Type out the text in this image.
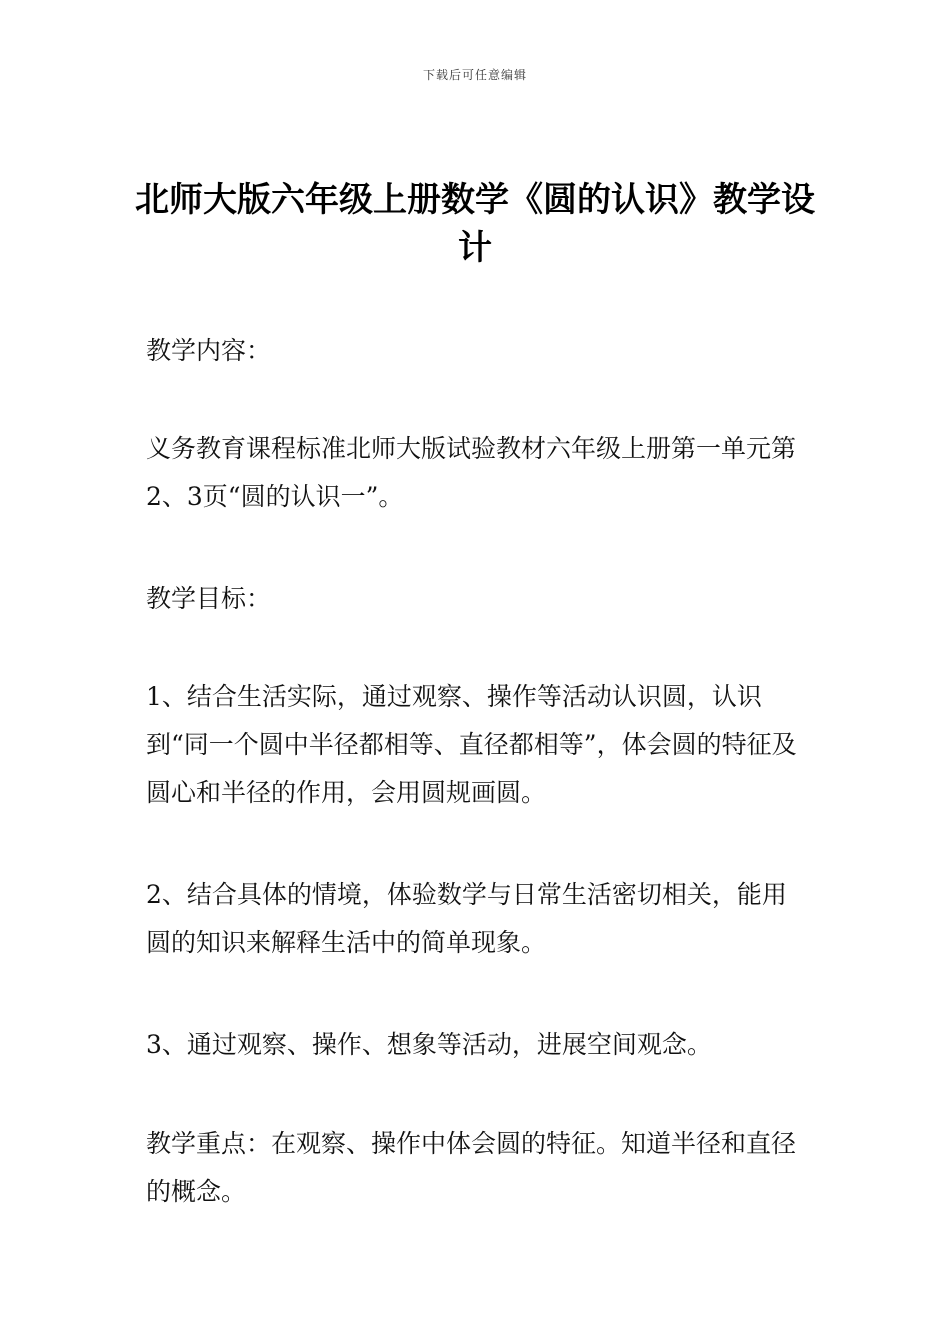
下载后可任意编辑
北师大版六年级上册数学《圆的认识》教学设计

教学内容：

义务教育课程标准北师大版试验教材六年级上册第一单元第2、3页“圆的认识一”。

教学目标：

1、结合生活实际，通过观察、操作等活动认识圆，认识到“同一个圆中半径都相等、直径都相等”，体会圆的特征及圆心和半径的作用，会用圆规画圆。

2、结合具体的情境，体验数学与日常生活密切相关，能用圆的知识来解释生活中的简单现象。

3、通过观察、操作、想象等活动，进展空间观念。

教学重点：在观察、操作中体会圆的特征。知道半径和直径的概念。
